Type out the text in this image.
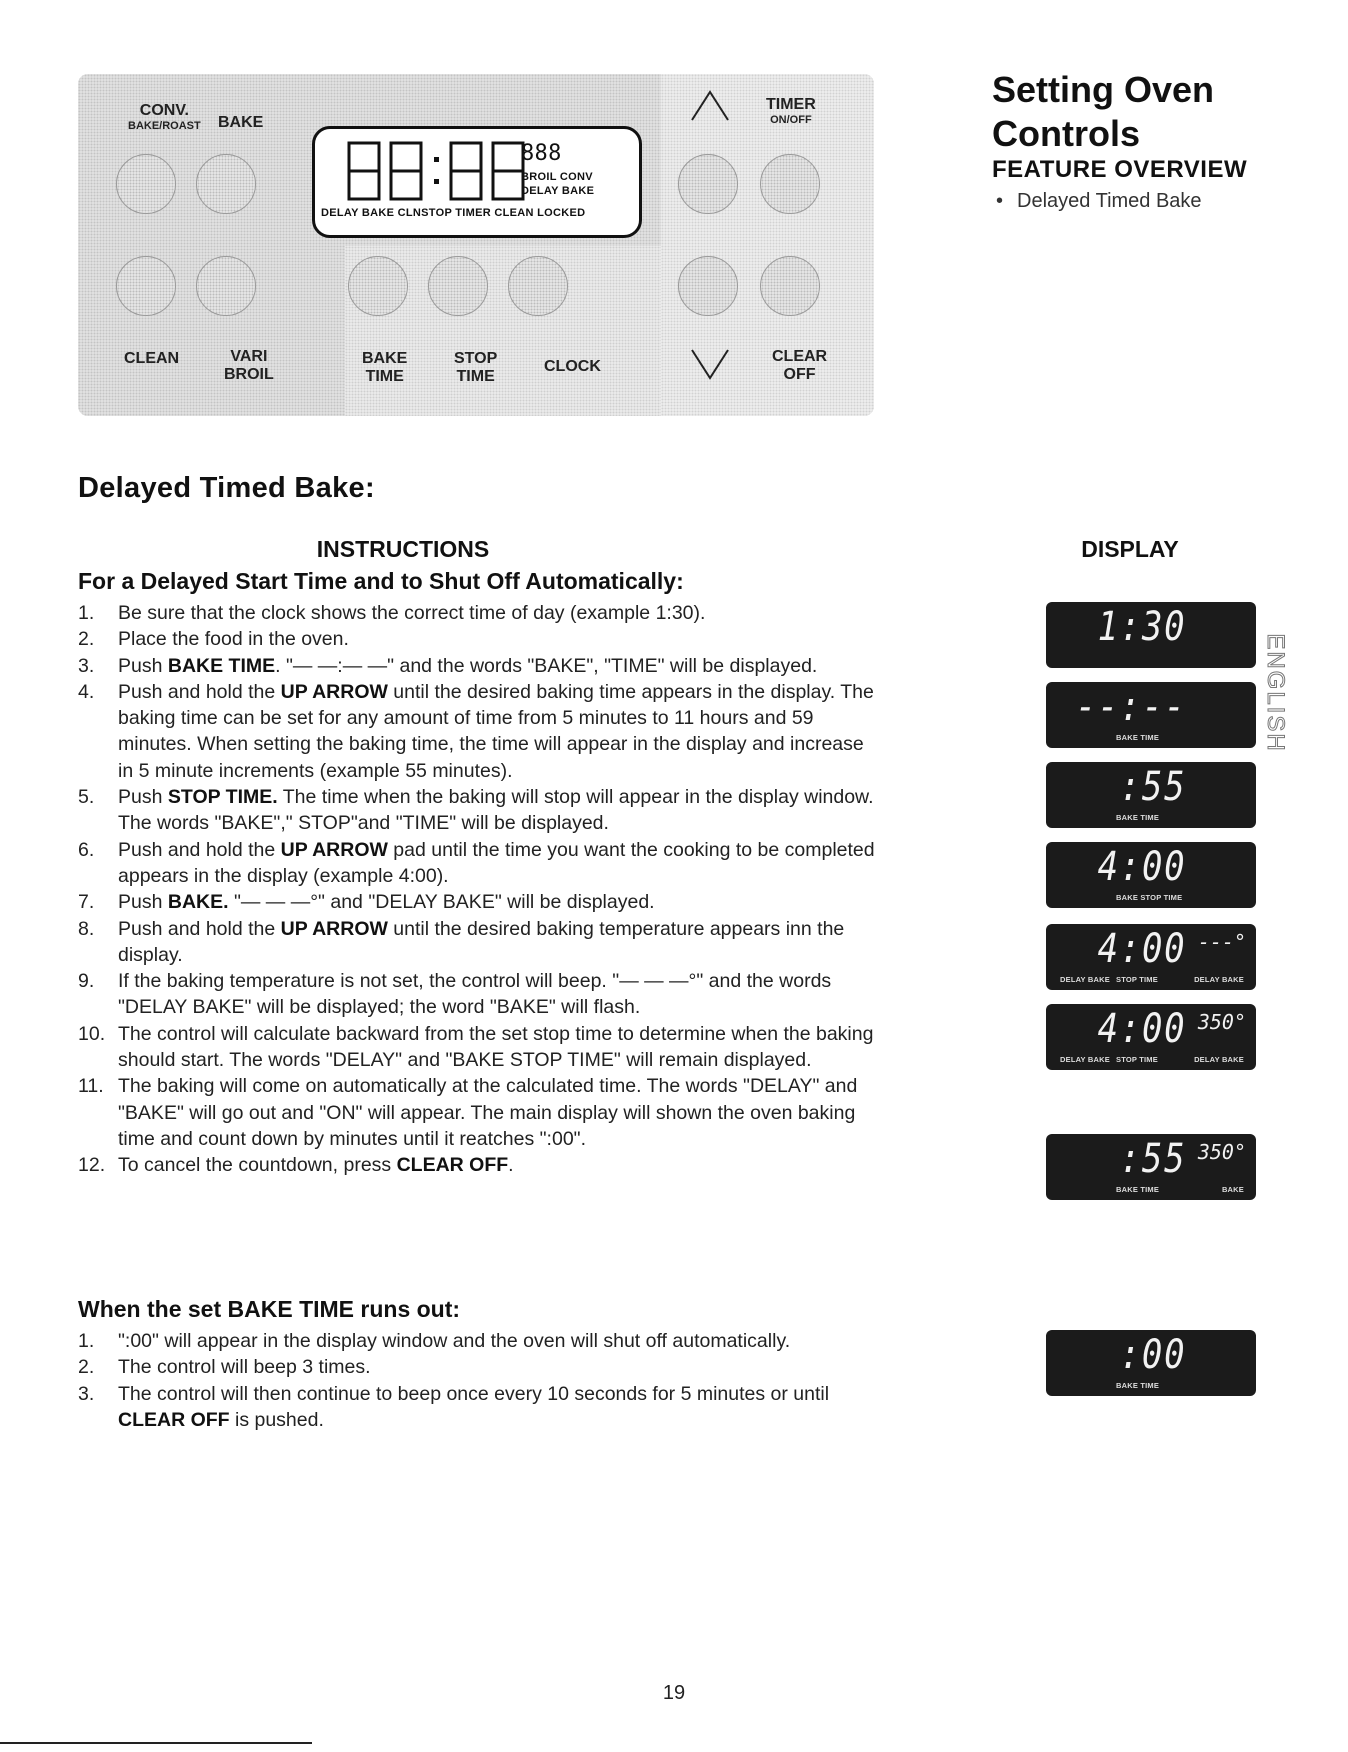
CONV.
BAKE/ROAST BAKE
TIMER
ON/OFF
888
BROIL CONV
DELAY BAKE
DELAY BAKE CLNSTOP TIMER CLEAN LOCKED
CLEAN	VARI
BROIL
BAKE
TIME
STOP
TIME
CLOCK
CLEAR
OFF
Setting Oven
Controls
FEATURE OVERVIEW
• Delayed Timed Bake
Delayed Timed Bake:
INSTRUCTIONS	DISPLAY
For a Delayed Start Time and to Shut Off Automatically:
1.	Be sure that the clock shows the correct time of day (example 1:30).
2.	Place the food in the oven.
3.	Push BAKE TIME. "— —:— —" and the words "BAKE", "TIME" will be displayed.
4.	Push and hold the UP ARROW until the desired baking time appears in the display. The baking time can be set for any amount of time from 5 minutes to 11 hours and 59 minutes. When setting the baking time, the time will appear in the display and increase in 5 minute increments (example 55 minutes).
5.	Push STOP TIME. The time when the baking will stop will appear in the display window. The words "BAKE"," STOP"and "TIME" will be displayed.
6.	Push and hold the UP ARROW pad until the time you want the cooking to be completed appears in the display (example 4:00).
7.	Push BAKE. "— — —°" and "DELAY BAKE" will be displayed.
8.	Push and hold the UP ARROW until the desired baking temperature appears inn the display.
9.	If the baking temperature is not set, the control will beep. "— — —°" and the words "DELAY BAKE" will be displayed; the word "BAKE" will flash.
10. The control will calculate backward from the set stop time to determine when the baking should start. The words "DELAY" and "BAKE STOP TIME" will remain displayed.
11. The baking will come on automatically at the calculated time. The words "DELAY" and "BAKE" will go out and "ON" will appear. The main display will shown the oven baking time and count down by minutes until it reatches ":00".
12. To cancel the countdown, press CLEAR OFF.
When the set BAKE TIME runs out:
1.	":00" will appear in the display window and the oven will shut off automatically.
2.	The control will beep 3 times.
3.	The control will then continue to beep once every 10 seconds for 5 minutes or until CLEAR OFF is pushed.
1:30
--:--
BAKE TIME
:55
BAKE TIME
4:00
BAKE STOP TIME
4:00 ---°
DELAY BAKE STOP TIME	DELAY BAKE
4:00 350°
DELAY BAKE STOP TIME	DELAY BAKE
:55 350°
BAKE TIME	BAKE
:00
BAKE TIME
ENGLISH
19
